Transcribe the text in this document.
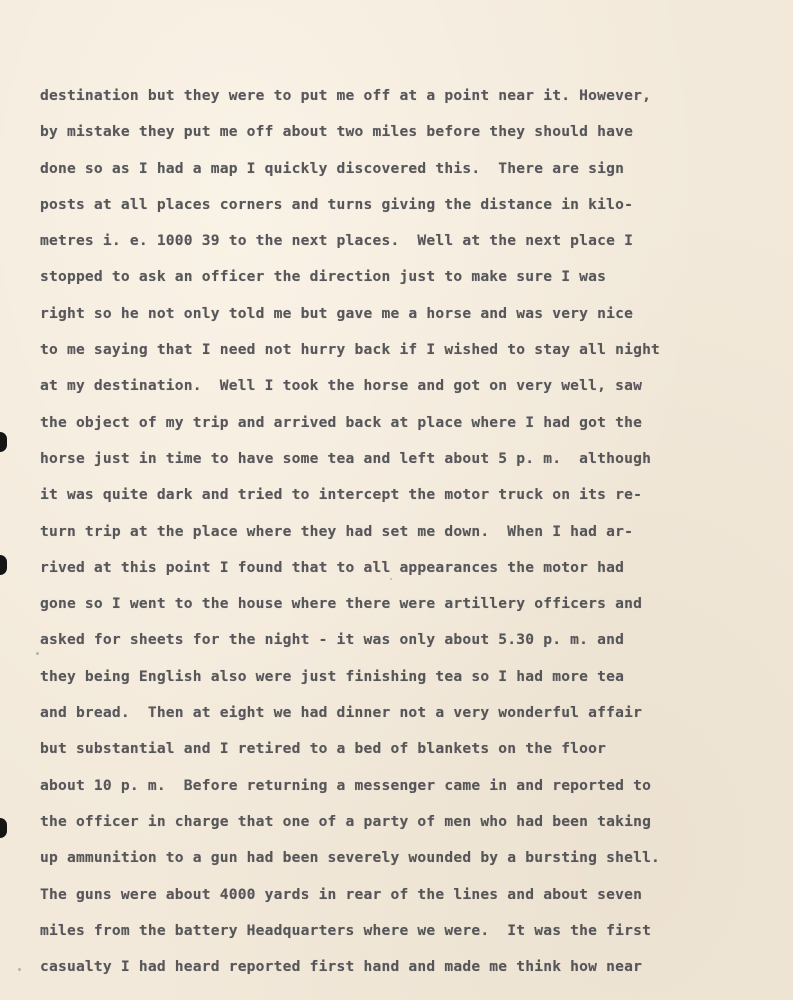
destination but they were to put me off at a point near it. However,
by mistake they put me off about two miles before they should have
done so as I had a map I quickly discovered this.  There are sign
posts at all places corners and turns giving the distance in kilo-
metres i. e. 1000 39 to the next places.  Well at the next place I
stopped to ask an officer the direction just to make sure I was
right so he not only told me but gave me a horse and was very nice
to me saying that I need not hurry back if I wished to stay all night
at my destination.  Well I took the horse and got on very well, saw
the object of my trip and arrived back at place where I had got the
horse just in time to have some tea and left about 5 p. m.  although
it was quite dark and tried to intercept the motor truck on its re-
turn trip at the place where they had set me down.  When I had ar-
rived at this point I found that to all appearances the motor had
gone so I went to the house where there were artillery officers and
asked for sheets for the night - it was only about 5.30 p. m. and
they being English also were just finishing tea so I had more tea
and bread.  Then at eight we had dinner not a very wonderful affair
but substantial and I retired to a bed of blankets on the floor
about 10 p. m.  Before returning a messenger came in and reported to
the officer in charge that one of a party of men who had been taking
up ammunition to a gun had been severely wounded by a bursting shell.
The guns were about 4000 yards in rear of the lines and about seven
miles from the battery Headquarters where we were.  It was the first
casualty I had heard reported first hand and made me think how near
